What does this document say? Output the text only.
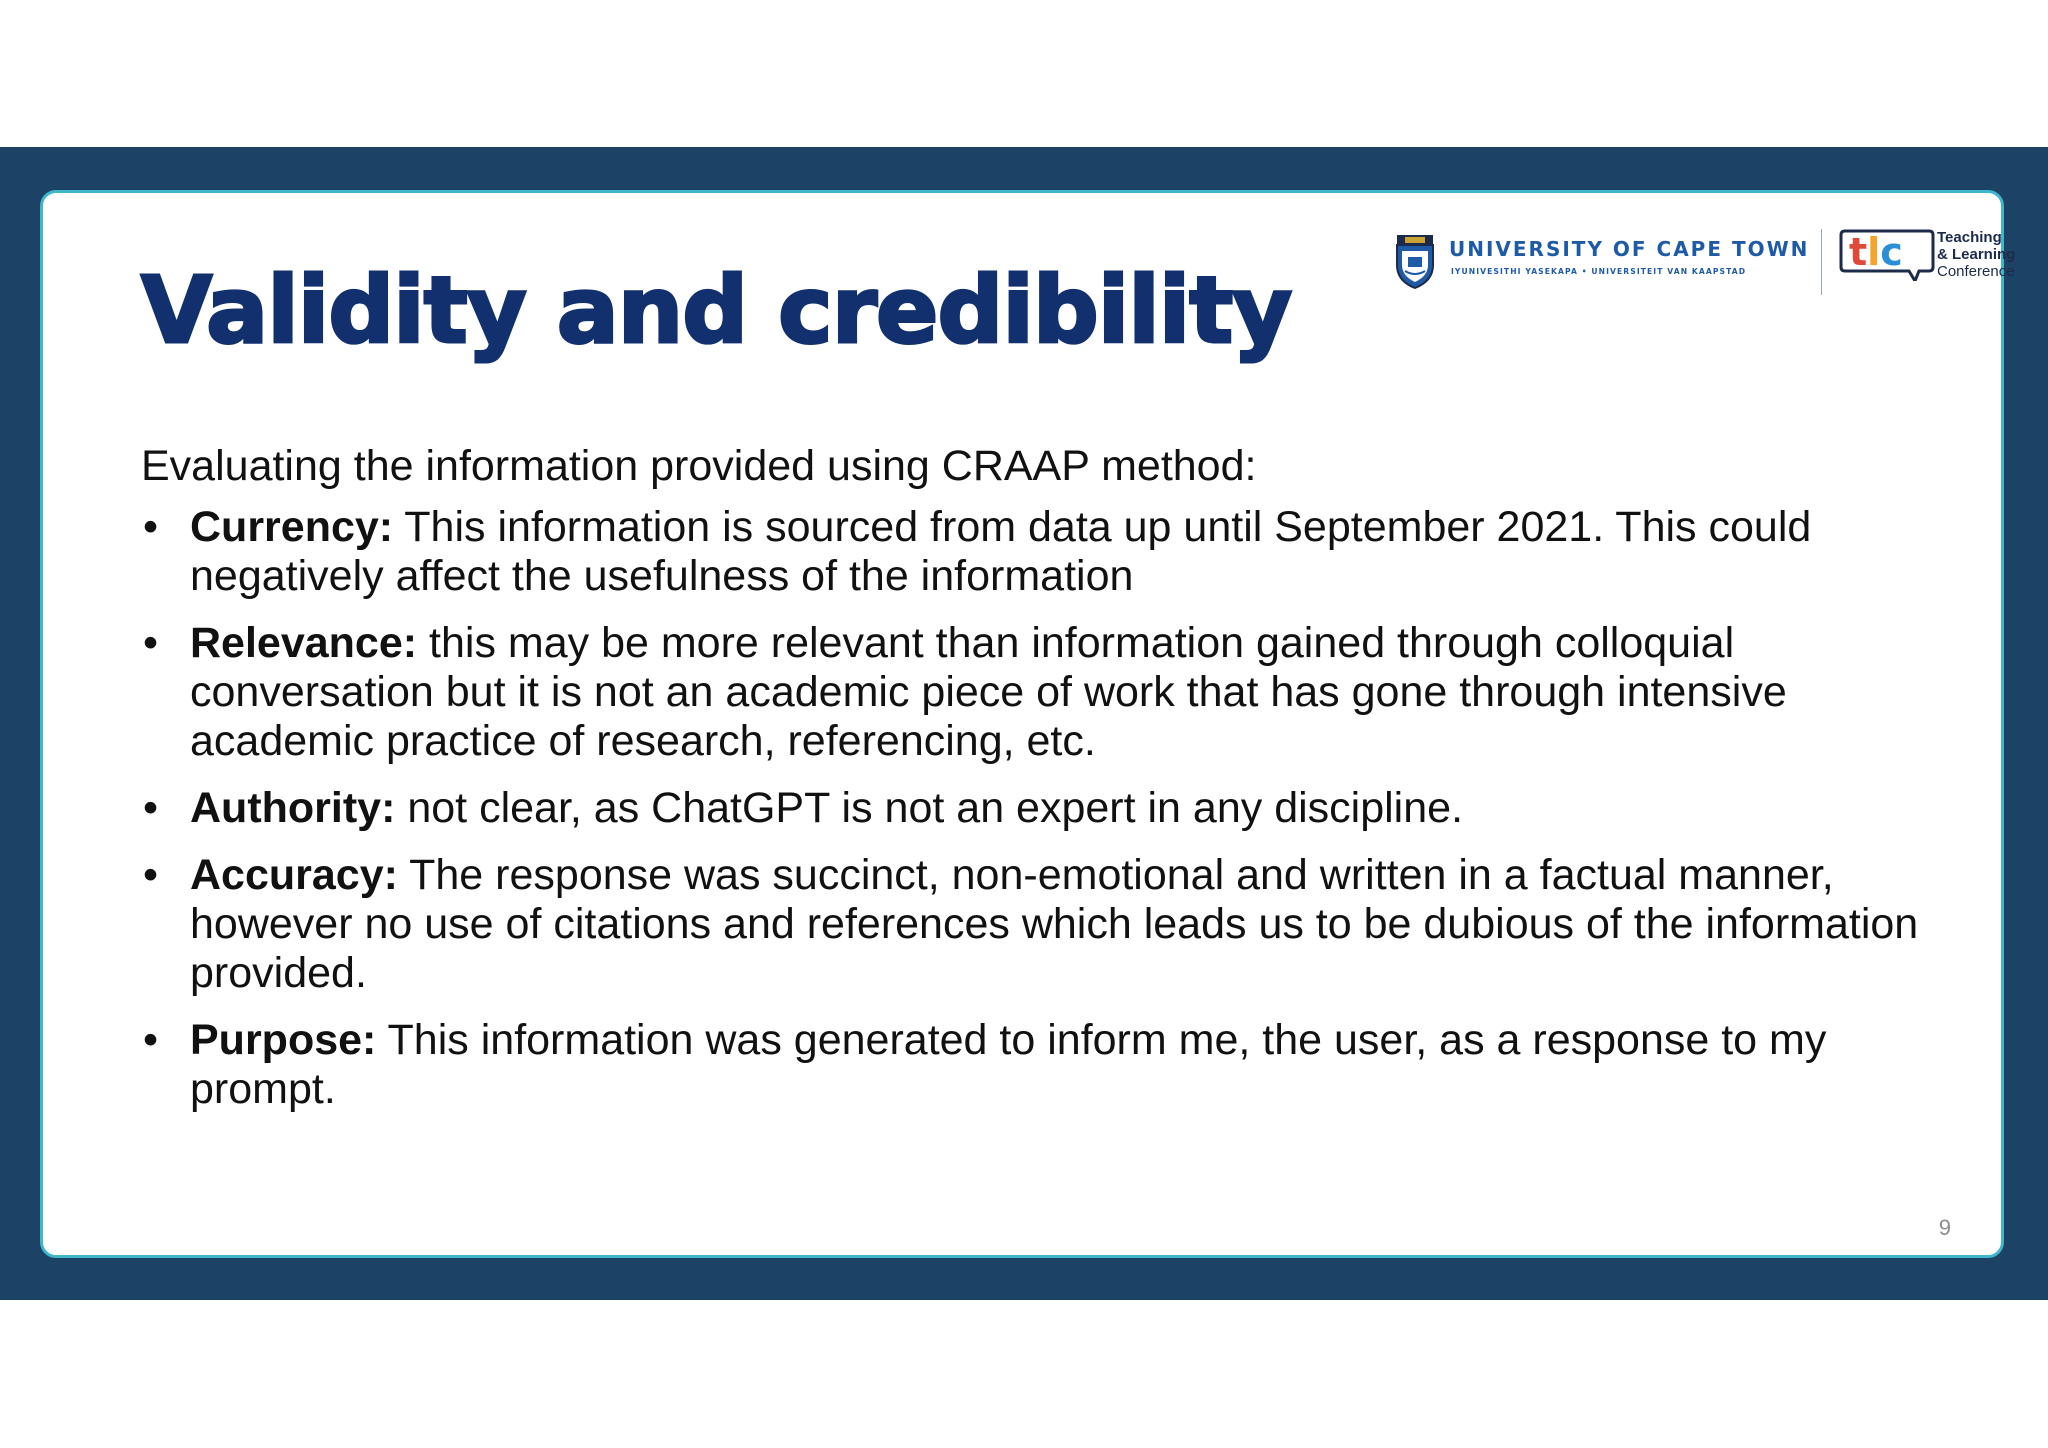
Validity and credibility
UNIVERSITY OF CAPE TOWN
IYUNIVESITHI YASEKAPA • UNIVERSITEIT VAN KAAPSTAD	tlc Teaching
& Learning
Conference

Evaluating the information provided using CRAAP method:

• Currency: This information is sourced from data up until September 2021. This could negatively affect the usefulness of the information
• Relevance: this may be more relevant than information gained through colloquial conversation but it is not an academic piece of work that has gone through intensive academic practice of research, referencing, etc.
• Authority: not clear, as ChatGPT is not an expert in any discipline.
• Accuracy: The response was succinct, non-emotional and written in a factual manner, however no use of citations and references which leads us to be dubious of the information provided.
• Purpose: This information was generated to inform me, the user, as a response to my prompt.
9
